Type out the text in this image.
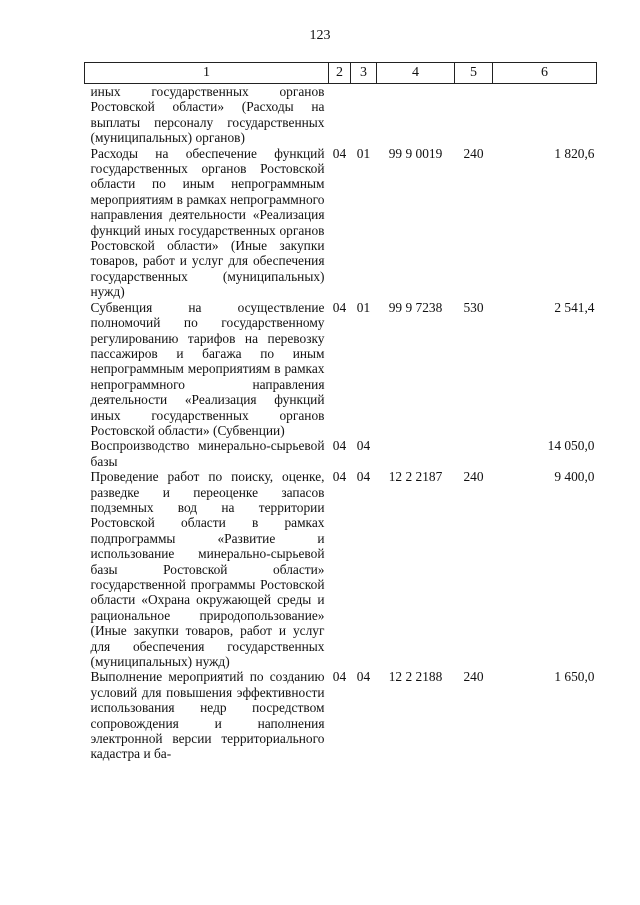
123
1	2	3	4	5	6
иных государственных органов Ростовской области» (Расходы на выплаты персоналу государственных (муниципальных) органов)					
Расходы на обеспечение функций государственных органов Ростовской области по иным непрограммным мероприятиям в рамках непрограммного направления деятельности «Реализация функций иных государственных органов Ростовской области» (Иные закупки товаров, работ и услуг для обеспечения государственных (муниципальных) нужд)	04	01	99 9 0019	240	1 820,6
Субвенция на осуществление полномочий по государственному регулированию тарифов на перевозку пассажиров и багажа по иным непрограммным мероприятиям в рамках непрограммного направления деятельности «Реализация функций иных государственных органов Ростовской области» (Субвенции)	04	01	99 9 7238	530	2 541,4
Воспроизводство минерально-сырьевой базы	04	04			14 050,0
Проведение работ по поиску, оценке, разведке и переоценке запасов подземных вод на территории Ростовской области в рамках подпрограммы «Развитие и использование минерально-сырьевой базы Ростовской области» государственной программы Ростовской области «Охрана окружающей среды и рациональное природопользование» (Иные закупки товаров, работ и услуг для обеспечения государственных (муниципальных) нужд)	04	04	12 2 2187	240	9 400,0
Выполнение мероприятий по созданию условий для повышения эффективности использования недр посредством сопровождения и наполнения электронной версии территориального кадастра и ба-	04	04	12 2 2188	240	1 650,0
